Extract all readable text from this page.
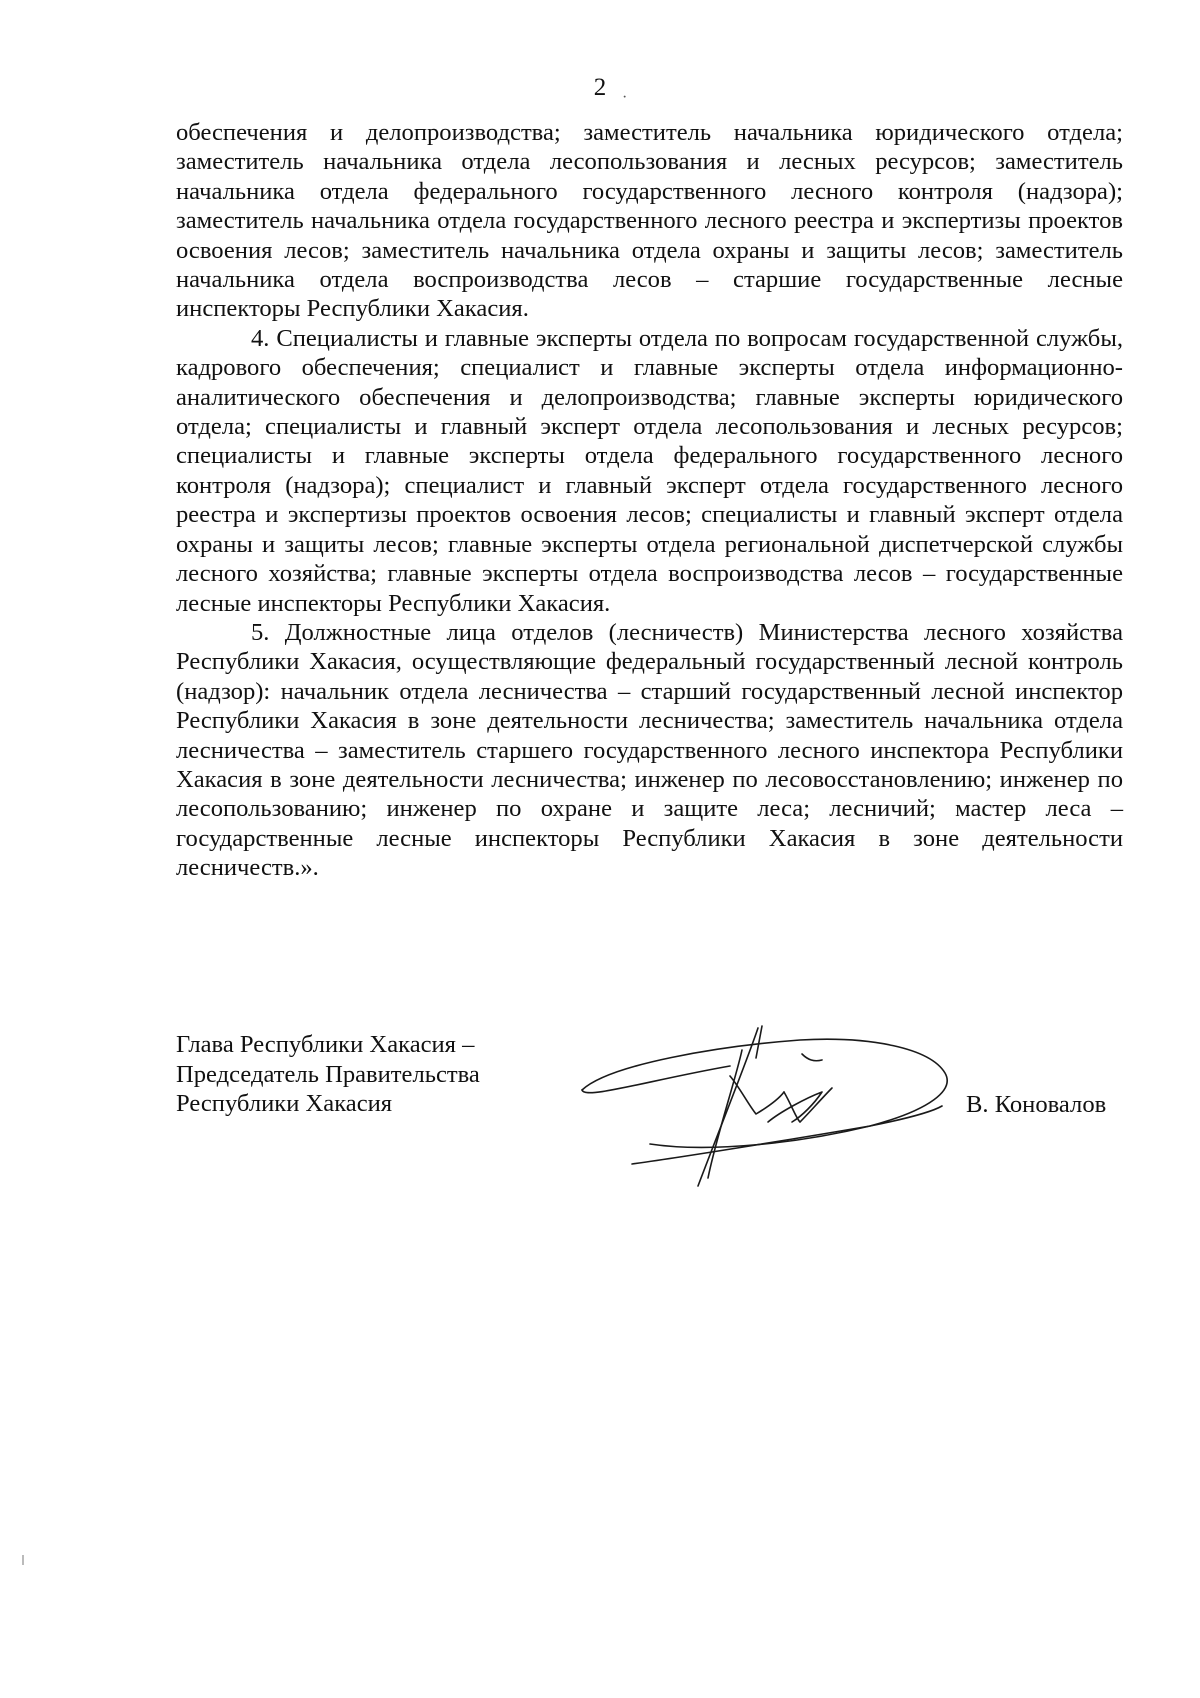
·
2

обеспечения и делопроизводства; заместитель начальника юридического отдела; заместитель начальника отдела лесопользования и лесных ресурсов; заместитель начальника отдела федерального государственного лесного контроля (надзора); заместитель начальника отдела государственного лесного реестра и экспертизы проектов освоения лесов; заместитель начальника отдела охраны и защиты лесов; заместитель начальника отдела воспроизводства лесов – старшие государственные лесные инспекторы Республики Хакасия.

4. Специалисты и главные эксперты отдела по вопросам государственной службы, кадрового обеспечения; специалист и главные эксперты отдела информационно-аналитического обеспечения и делопроизводства; главные эксперты юридического отдела; специалисты и главный эксперт отдела лесопользования и лесных ресурсов; специалисты и главные эксперты отдела федерального государственного лесного контроля (надзора); специалист и главный эксперт отдела государственного лесного реестра и экспертизы проектов освоения лесов; специалисты и главный эксперт отдела охраны и защиты лесов; главные эксперты отдела региональной диспетчерской службы лесного хозяйства; главные эксперты отдела воспроизводства лесов – государственные лесные инспекторы Республики Хакасия.

5. Должностные лица отделов (лесничеств) Министерства лесного хозяйства Республики Хакасия, осуществляющие федеральный государственный лесной контроль (надзор): начальник отдела лесничества – старший государственный лесной инспектор Республики Хакасия в зоне деятельности лесничества; заместитель начальника отдела лесничества – заместитель старшего государственного лесного инспектора Республики Хакасия в зоне деятельности лесничества; инженер по лесовосстановлению; инженер по лесопользованию; инженер по охране и защите леса; лесничий; мастер леса – государственные лесные инспекторы Республики Хакасия в зоне деятельности лесничеств.».

Глава Республики Хакасия –
Председатель Правительства
Республики Хакасия	В. Коновалов
